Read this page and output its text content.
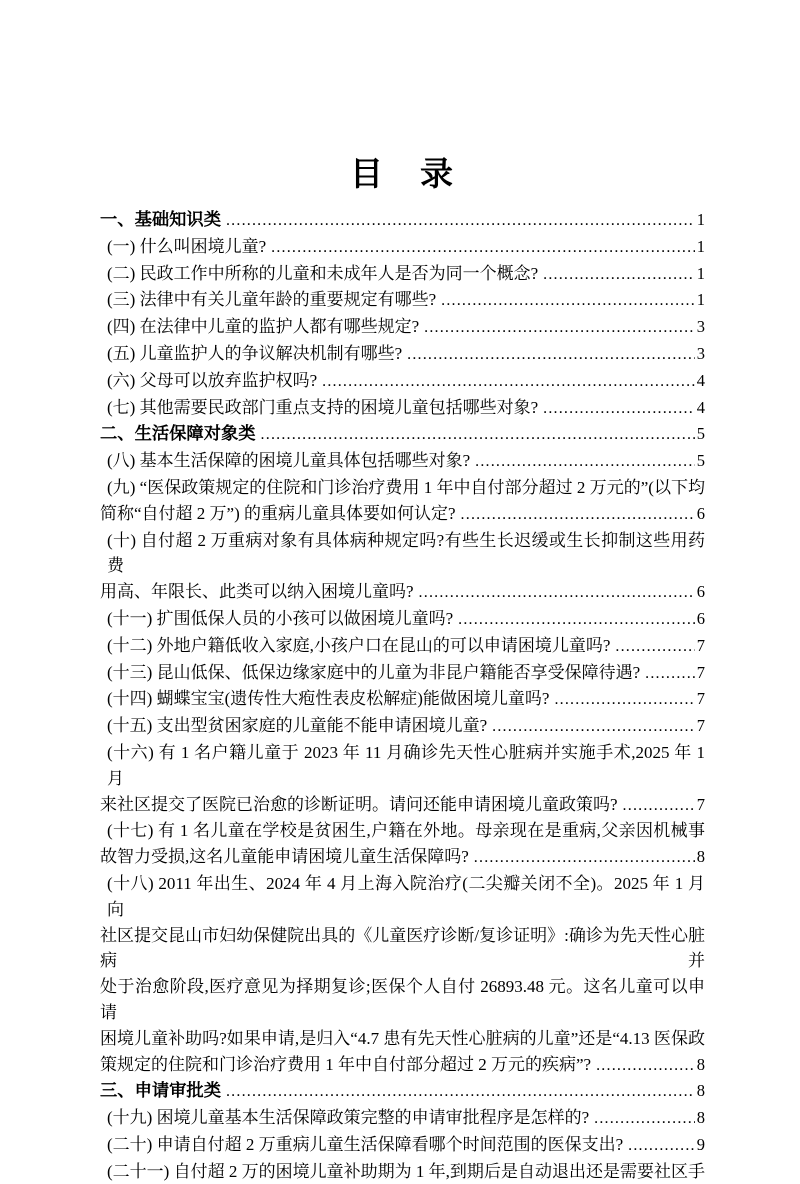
目　录
一、基础知识类 .....	1
(一) 什么叫困境儿童? .....	1
(二) 民政工作中所称的儿童和未成年人是否为同一个概念? .....	1
(三) 法律中有关儿童年龄的重要规定有哪些? .....	1
(四) 在法律中儿童的监护人都有哪些规定? .....	3
(五) 儿童监护人的争议解决机制有哪些? .....	3
(六) 父母可以放弃监护权吗? .....	4
(七) 其他需要民政部门重点支持的困境儿童包括哪些对象? .....	4
二、生活保障对象类 .....	5
(八) 基本生活保障的困境儿童具体包括哪些对象? .....	5
(九) “医保政策规定的住院和门诊治疗费用 1 年中自付部分超过 2 万元的”(以下均
简称“自付超 2 万”) 的重病儿童具体要如何认定? .....	6
(十) 自付超 2 万重病对象有具体病种规定吗?有些生长迟缓或生长抑制这些用药费
用高、年限长、此类可以纳入困境儿童吗? .....	6
(十一) 扩围低保人员的小孩可以做困境儿童吗? .....	6
(十二) 外地户籍低收入家庭,小孩户口在昆山的可以申请困境儿童吗? .....	7
(十三) 昆山低保、低保边缘家庭中的儿童为非昆户籍能否享受保障待遇? .....	7
(十四) 蝴蝶宝宝(遗传性大疱性表皮松解症)能做困境儿童吗? .....	7
(十五) 支出型贫困家庭的儿童能不能申请困境儿童? .....	7
(十六) 有 1 名户籍儿童于 2023 年 11 月确诊先天性心脏病并实施手术,2025 年 1 月
来社区提交了医院已治愈的诊断证明。请问还能申请困境儿童政策吗? .....	7
(十七) 有 1 名儿童在学校是贫困生,户籍在外地。母亲现在是重病,父亲因机械事
故智力受损,这名儿童能申请困境儿童生活保障吗? .....	8
(十八) 2011 年出生、2024 年 4 月上海入院治疗(二尖瓣关闭不全)。2025 年 1 月向
社区提交昆山市妇幼保健院出具的《儿童医疗诊断/复诊证明》:确诊为先天性心脏病并
处于治愈阶段,医疗意见为择期复诊;医保个人自付 26893.48 元。这名儿童可以申请
困境儿童补助吗?如果申请,是归入“4.7 患有先天性心脏病的儿童”还是“4.13 医保政
策规定的住院和门诊治疗费用 1 年中自付部分超过 2 万元的疾病”? .....	8
三、申请审批类 .....	8
(十九) 困境儿童基本生活保障政策完整的申请审批程序是怎样的? .....	8
(二十) 申请自付超 2 万重病儿童生活保障看哪个时间范围的医保支出? .....	9
(二十一) 自付超 2 万的困境儿童补助期为 1 年,到期后是自动退出还是需要社区手
